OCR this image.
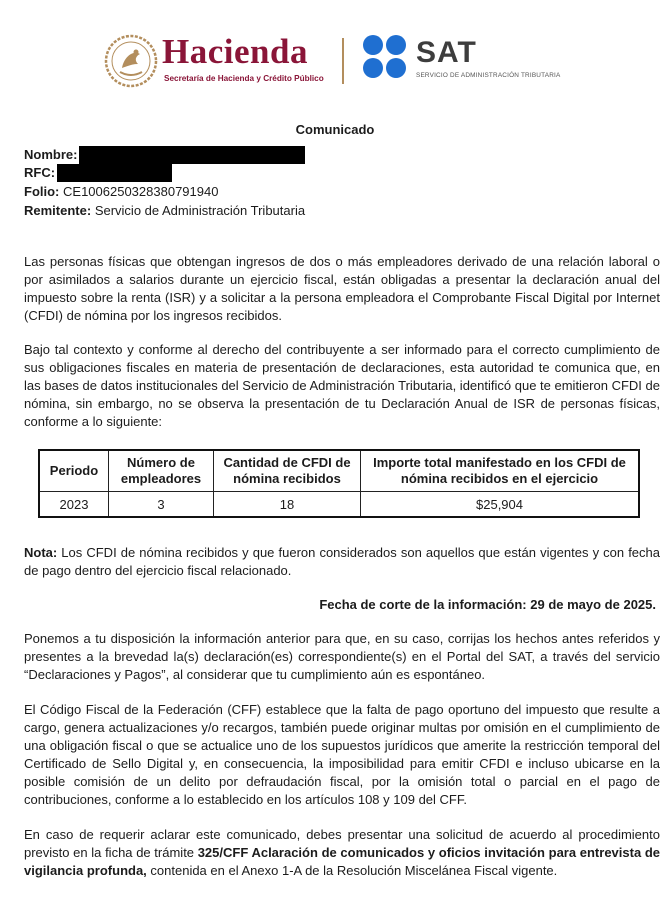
Hacienda
Secretaría de Hacienda y Crédito Público
SAT
SERVICIO DE ADMINISTRACIÓN TRIBUTARIA
Comunicado
Nombre:
RFC:
Folio: CE100625032838079194​0
Remitente: Servicio de Administración Tributaria
Las personas físicas que obtengan ingresos de dos o más empleadores derivado de una relación laboral o por asimilados a salarios durante un ejercicio fiscal, están obligadas a presentar la declaración anual del impuesto sobre la renta (ISR) y a solicitar a la persona empleadora el Comprobante Fiscal Digital por Internet (CFDI) de nómina por los ingresos recibidos.
Bajo tal contexto y conforme al derecho del contribuyente a ser informado para el correcto cumplimiento de sus obligaciones fiscales en materia de presentación de declaraciones, esta autoridad te comunica que, en las bases de datos institucionales del Servicio de Administración Tributaria, identificó que te emitieron CFDI de nómina, sin embargo, no se observa la presentación de tu Declaración Anual de ISR de personas físicas, conforme a lo siguiente:
Periodo	Número de empleadores	Cantidad de CFDI de nómina recibidos	Importe total manifestado en los CFDI de nómina recibidos en el ejercicio
2023	3	18	$25,904
Nota: Los CFDI de nómina recibidos y que fueron considerados son aquellos que están vigentes y con fecha de pago dentro del ejercicio fiscal relacionado.
Fecha de corte de la información: 29 de mayo de 2025.
Ponemos a tu disposición la información anterior para que, en su caso, corrijas los hechos antes referidos y presentes a la brevedad la(s) declaración(es) correspondiente(s) en el Portal del SAT, a través del servicio “Declaraciones y Pagos”, al considerar que tu cumplimiento aún es espontáneo.
El Código Fiscal de la Federación (CFF) establece que la falta de pago oportuno del impuesto que resulte a cargo, genera actualizaciones y/o recargos, también puede originar multas por omisión en el cumplimiento de una obligación fiscal o que se actualice uno de los supuestos jurídicos que amerite la restricción temporal del Certificado de Sello Digital y, en consecuencia, la imposibilidad para emitir CFDI e incluso ubicarse en la posible comisión de un delito por defraudación fiscal, por la omisión total o parcial en el pago de contribuciones, conforme a lo establecido en los artículos 108 y 109 del CFF.
En caso de requerir aclarar este comunicado, debes presentar una solicitud de acuerdo al procedimiento previsto en la ficha de trámite 325/CFF Aclaración de comunicados y oficios invitación para entrevista de vigilancia profunda, contenida en el Anexo 1-A de la Resolución Miscelánea Fiscal vigente.
